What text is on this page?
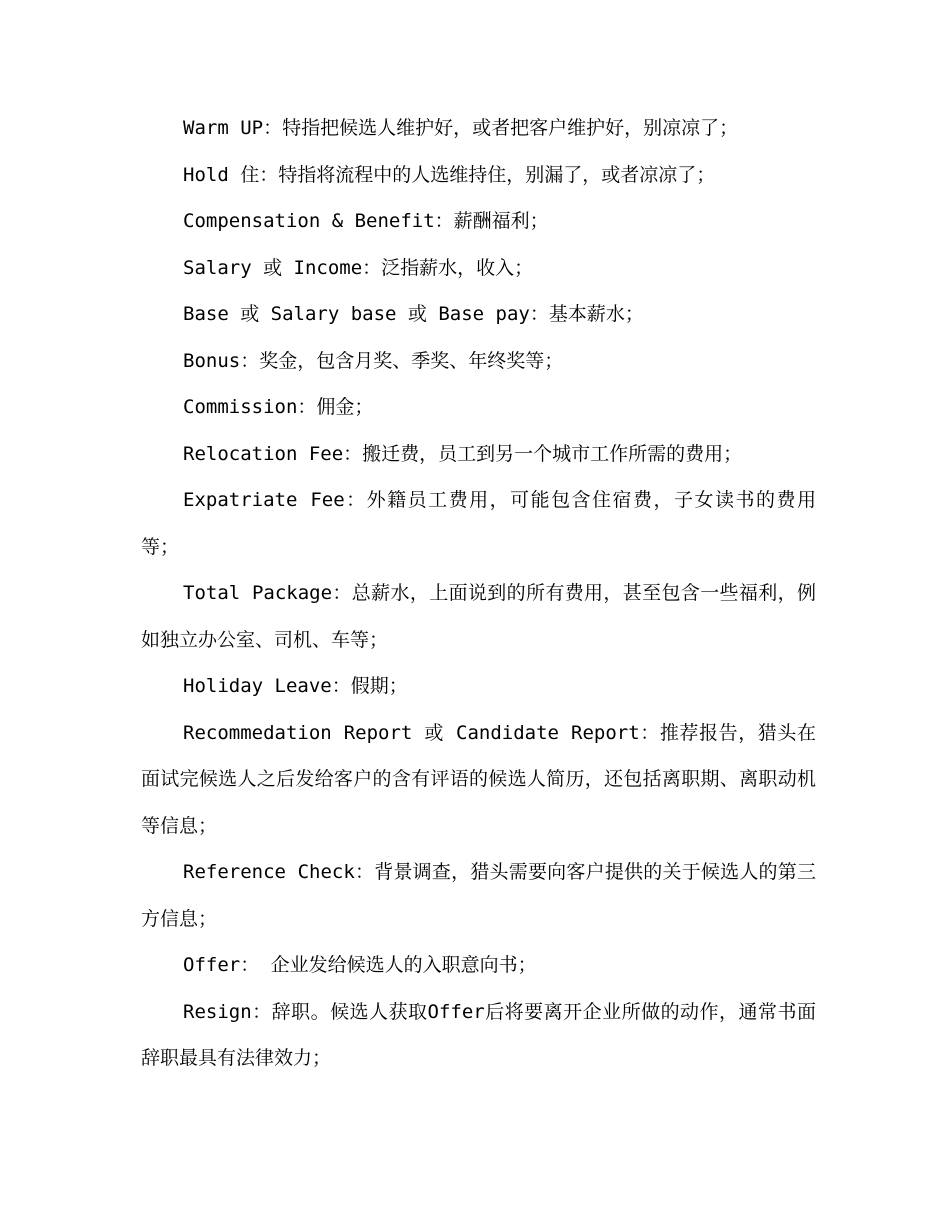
Warm UP：特指把候选人维护好，或者把客户维护好，别凉凉了；

Hold 住：特指将流程中的人选维持住，别漏了，或者凉凉了；

Compensation & Benefit：薪酬福利；

Salary 或 Income：泛指薪水，收入；

Base 或 Salary base 或 Base pay：基本薪水；

Bonus：奖金，包含月奖、季奖、年终奖等；

Commission：佣金；

Relocation Fee：搬迁费，员工到另一个城市工作所需的费用；

Expatriate Fee：外籍员工费用，可能包含住宿费，子女读书的费用等；

Total Package：总薪水，上面说到的所有费用，甚至包含一些福利，例如独立办公室、司机、车等；

Holiday Leave：假期；

Recommedation Report 或 Candidate Report：推荐报告，猎头在面试完候选人之后发给客户的含有评语的候选人简历，还包括离职期、离职动机等信息；

Reference Check：背景调查，猎头需要向客户提供的关于候选人的第三方信息；

Offer： 企业发给候选人的入职意向书；

Resign：辞职。候选人获取Offer后将要离开企业所做的动作，通常书面辞职最具有法律效力；
